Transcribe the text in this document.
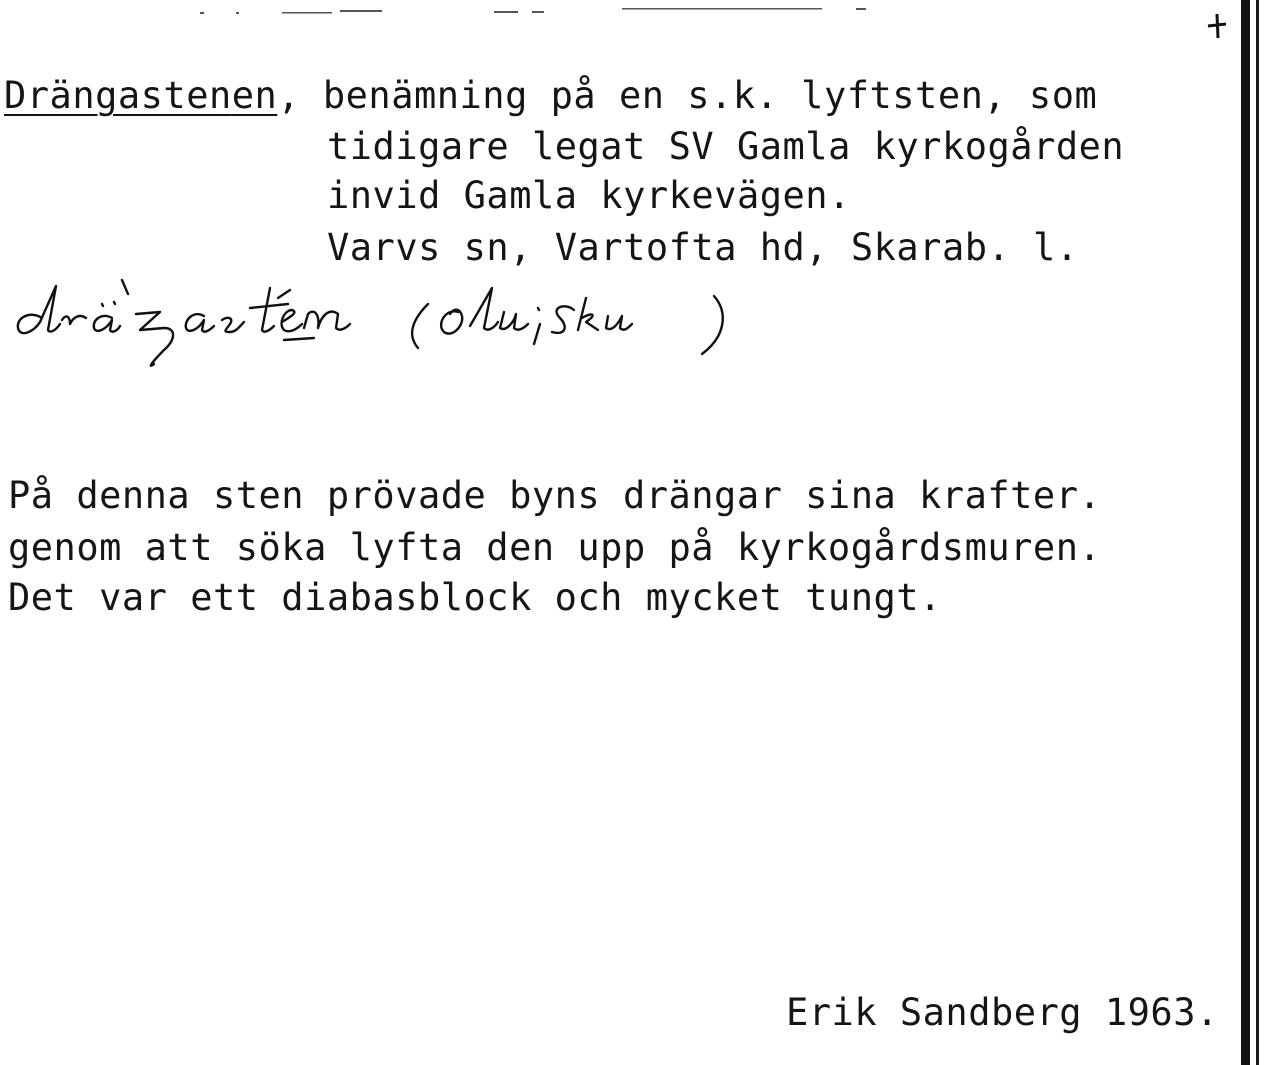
Drängastenen, benämning på en s.k. lyftsten, som
tidigare legat SV Gamla kyrkogården
invid Gamla kyrkevägen.
Varvs sn, Vartofta hd, Skarab. l.
På denna sten prövade byns drängar sina krafter.
genom att söka lyfta den upp på kyrkogårdsmuren.
Det var ett diabasblock och mycket tungt.
Erik Sandberg 1963.
